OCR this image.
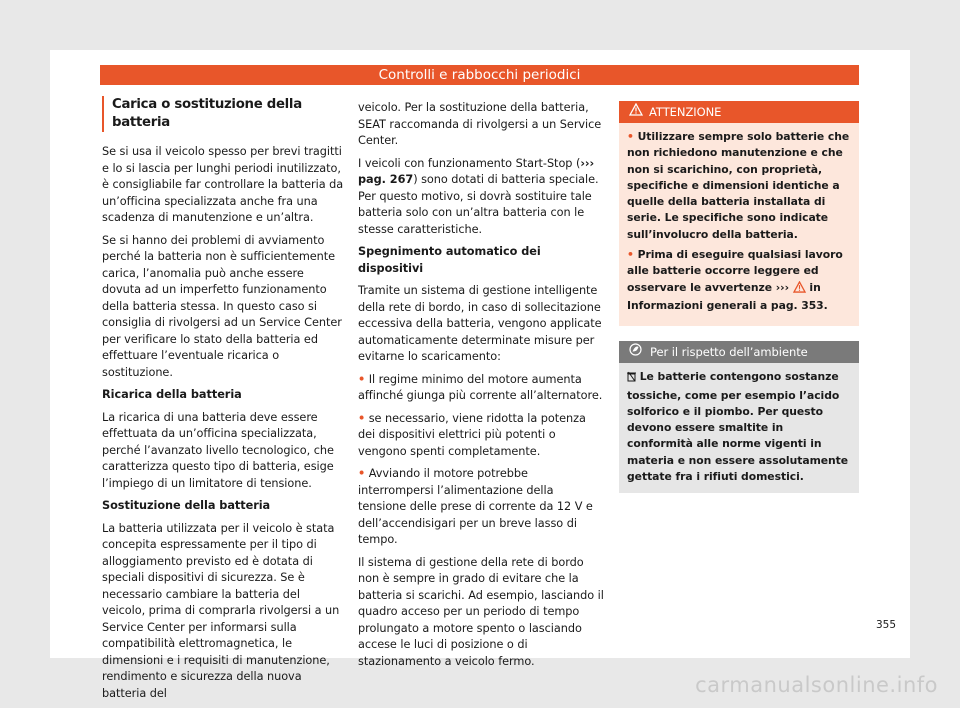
Controlli e rabbocchi periodici
Carica o sostituzione della batteria

Se si usa il veicolo spesso per brevi tragitti e lo si lascia per lunghi periodi inutilizzato, è consigliabile far controllare la batteria da un’officina specializzata anche fra una scadenza di manutenzione e un’altra.

Se si hanno dei problemi di avviamento perché la batteria non è sufficientemente carica, l’anomalia può anche essere dovuta ad un imperfetto funzionamento della batteria stessa. In questo caso si consiglia di rivolgersi ad un Service Center per verificare lo stato della batteria ed effettuare l’eventuale ricarica o sostituzione.

Ricarica della batteria

La ricarica di una batteria deve essere effettuata da un’officina specializzata, perché l’avanzato livello tecnologico, che caratterizza questo tipo di batteria, esige l’impiego di un limitatore di tensione.

Sostituzione della batteria

La batteria utilizzata per il veicolo è stata concepita espressamente per il tipo di alloggiamento previsto ed è dotata di speciali dispositivi di sicurezza. Se è necessario cambiare la batteria del veicolo, prima di comprarla rivolgersi a un Service Center per informarsi sulla compatibilità elettromagnetica, le dimensioni e i requisiti di manutenzione, rendimento e sicurezza della nuova batteria del

veicolo. Per la sostituzione della batteria, SEAT raccomanda di rivolgersi a un Service Center.

I veicoli con funzionamento Start-Stop (››› pag. 267) sono dotati di batteria speciale. Per questo motivo, si dovrà sostituire tale batteria solo con un’altra batteria con le stesse caratteristiche.

Spegnimento automatico dei dispositivi

Tramite un sistema di gestione intelligente della rete di bordo, in caso di sollecitazione eccessiva della batteria, vengono applicate automaticamente determinate misure per evitarne lo scaricamento:

• Il regime minimo del motore aumenta affinché giunga più corrente all’alternatore.
• se necessario, viene ridotta la potenza dei dispositivi elettrici più potenti o vengono spenti completamente.
• Avviando il motore potrebbe interrompersi l’alimentazione della tensione delle prese di corrente da 12 V e dell’accendisigari per un breve lasso di tempo.

Il sistema di gestione della rete di bordo non è sempre in grado di evitare che la batteria si scarichi. Ad esempio, lasciando il quadro acceso per un periodo di tempo prolungato a motore spento o lasciando accese le luci di posizione o di stazionamento a veicolo fermo.

ATTENZIONE
• Utilizzare sempre solo batterie che non richiedono manutenzione e che non si scarichino, con proprietà, specifiche e dimensioni identiche a quelle della batteria installata di serie. Le specifiche sono indicate sull’involucro della batteria.
• Prima di eseguire qualsiasi lavoro alle batterie occorre leggere ed osservare le avvertenze ››› in Informazioni generali a pag. 353.
Per il rispetto dell’ambiente
Le batterie contengono sostanze tossiche, come per esempio l’acido solforico e il piombo. Per questo devono essere smaltite in conformità alle norme vigenti in materia e non essere assolutamente gettate fra i rifiuti domestici.
355
carmanualsonline.info
